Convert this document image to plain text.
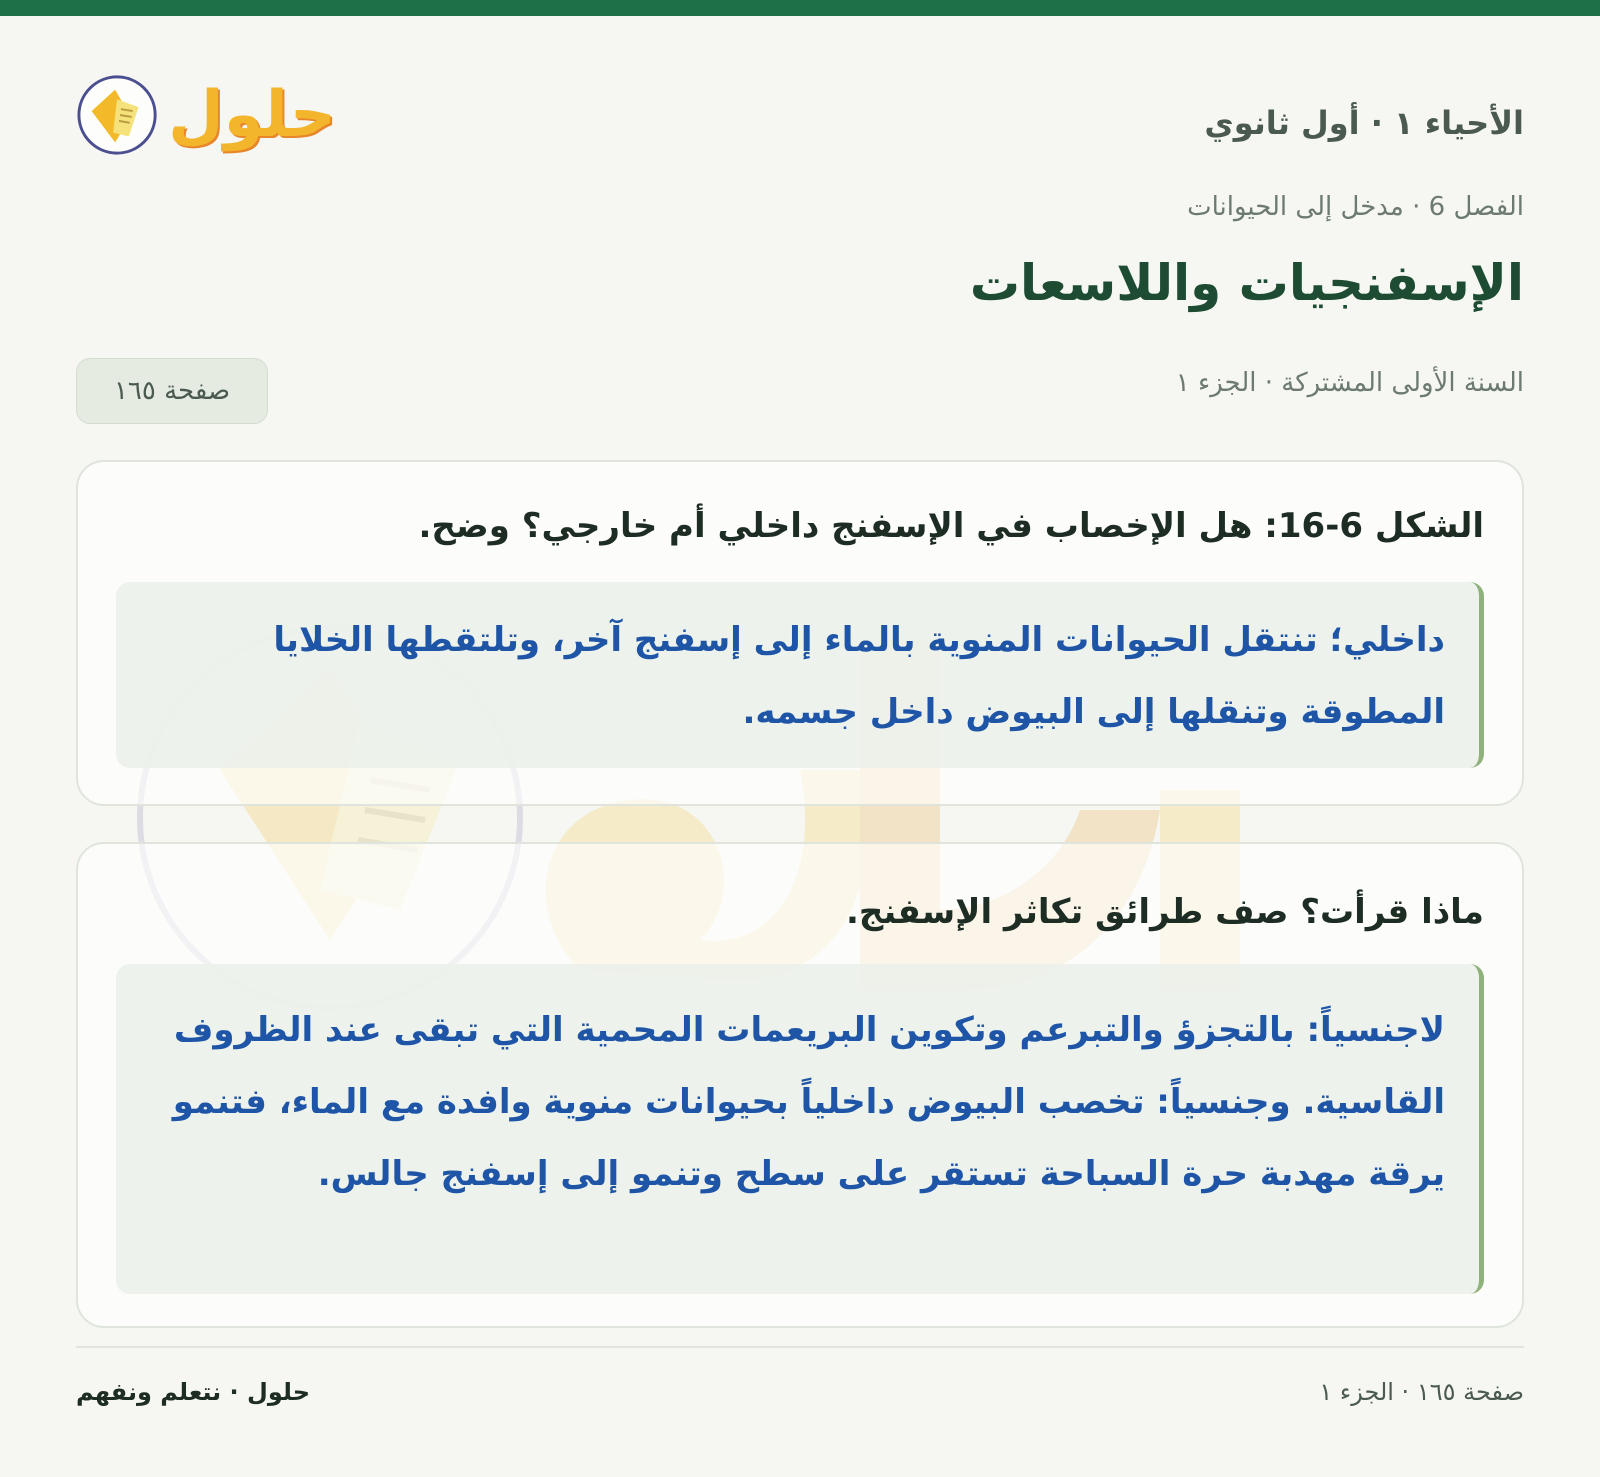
الأحياء ١ · أول ثانوي
حلول
الفصل 6 · مدخل إلى الحيوانات
الإسفنجيات واللاسعات
السنة الأولى المشتركة · الجزء ١
صفحة ١٦٥
الشكل 6-16: هل الإخصاب في الإسفنج داخلي أم خارجي؟ وضح.
داخلي؛ تنتقل الحيوانات المنوية بالماء إلى إسفنج آخر، وتلتقطها الخلايا المطوقة وتنقلها إلى البيوض داخل جسمه.
ماذا قرأت؟ صف طرائق تكاثر الإسفنج.
لاجنسياً: بالتجزؤ والتبرعم وتكوين البريعمات المحمية التي تبقى عند الظروف القاسية. وجنسياً: تخصب البيوض داخلياً بحيوانات منوية وافدة مع الماء، فتنمو يرقة مهدبة حرة السباحة تستقر على سطح وتنمو إلى إسفنج جالس.
صفحة ١٦٥ · الجزء ١
حلول · نتعلم ونفهم
